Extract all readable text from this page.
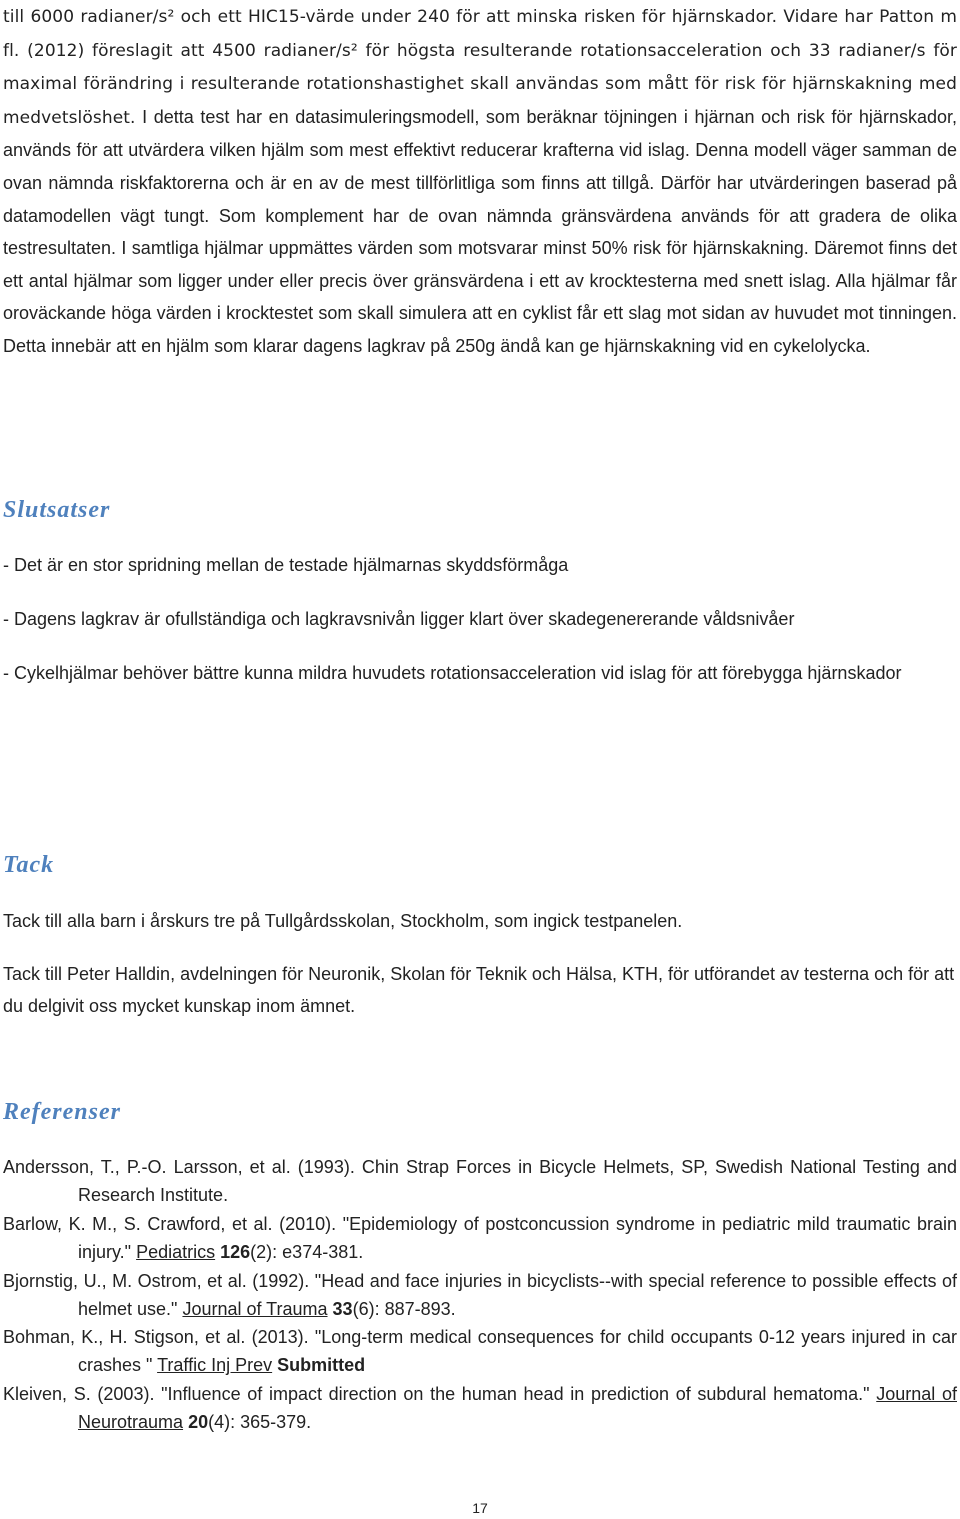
till 6000 radianer/s² och ett HIC15-värde under 240 för att minska risken för hjärnskador. Vidare har Patton m fl. (2012) föreslagit att 4500 radianer/s² för högsta resulterande rotationsacceleration och 33 radianer/s för maximal förändring i resulterande rotationshastighet skall användas som mått för risk för hjärnskakning med medvetslöshet. I detta test har en datasimuleringsmodell, som beräknar töjningen i hjärnan och risk för hjärnskador, används för att utvärdera vilken hjälm som mest effektivt reducerar krafterna vid islag. Denna modell väger samman de ovan nämnda riskfaktorerna och är en av de mest tillförlitliga som finns att tillgå. Därför har utvärderingen baserad på datamodellen vägt tungt. Som komplement har de ovan nämnda gränsvärdena används för att gradera de olika testresultaten. I samtliga hjälmar uppmättes värden som motsvarar minst 50% risk för hjärnskakning. Däremot finns det ett antal hjälmar som ligger under eller precis över gränsvärdena i ett av krocktesterna med snett islag. Alla hjälmar får oroväckande höga värden i krocktestet som skall simulera att en cyklist får ett slag mot sidan av huvudet mot tinningen. Detta innebär att en hjälm som klarar dagens lagkrav på 250g ändå kan ge hjärnskakning vid en cykelolycka.

Slutsatser

- Det är en stor spridning mellan de testade hjälmarnas skyddsförmåga

- Dagens lagkrav är ofullständiga och lagkravsnivån ligger klart över skadegenererande våldsnivåer

- Cykelhjälmar behöver bättre kunna mildra huvudets rotationsacceleration vid islag för att förebygga hjärnskador

Tack

Tack till alla barn i årskurs tre på Tullgårdsskolan, Stockholm, som ingick testpanelen.

Tack till Peter Halldin, avdelningen för Neuronik, Skolan för Teknik och Hälsa, KTH, för utförandet av testerna och för att du delgivit oss mycket kunskap inom ämnet.

Referenser

Andersson, T., P.-O. Larsson, et al. (1993). Chin Strap Forces in Bicycle Helmets, SP, Swedish National Testing and Research Institute.

Barlow, K. M., S. Crawford, et al. (2010). "Epidemiology of postconcussion syndrome in pediatric mild traumatic brain injury." Pediatrics 126(2): e374-381.

Bjornstig, U., M. Ostrom, et al. (1992). "Head and face injuries in bicyclists--with special reference to possible effects of helmet use." Journal of Trauma 33(6): 887-893.

Bohman, K., H. Stigson, et al. (2013). "Long-term medical consequences for child occupants 0-12 years injured in car crashes " Traffic Inj Prev Submitted

Kleiven, S. (2003). "Influence of impact direction on the human head in prediction of subdural hematoma." Journal of Neurotrauma 20(4): 365-379.

17
